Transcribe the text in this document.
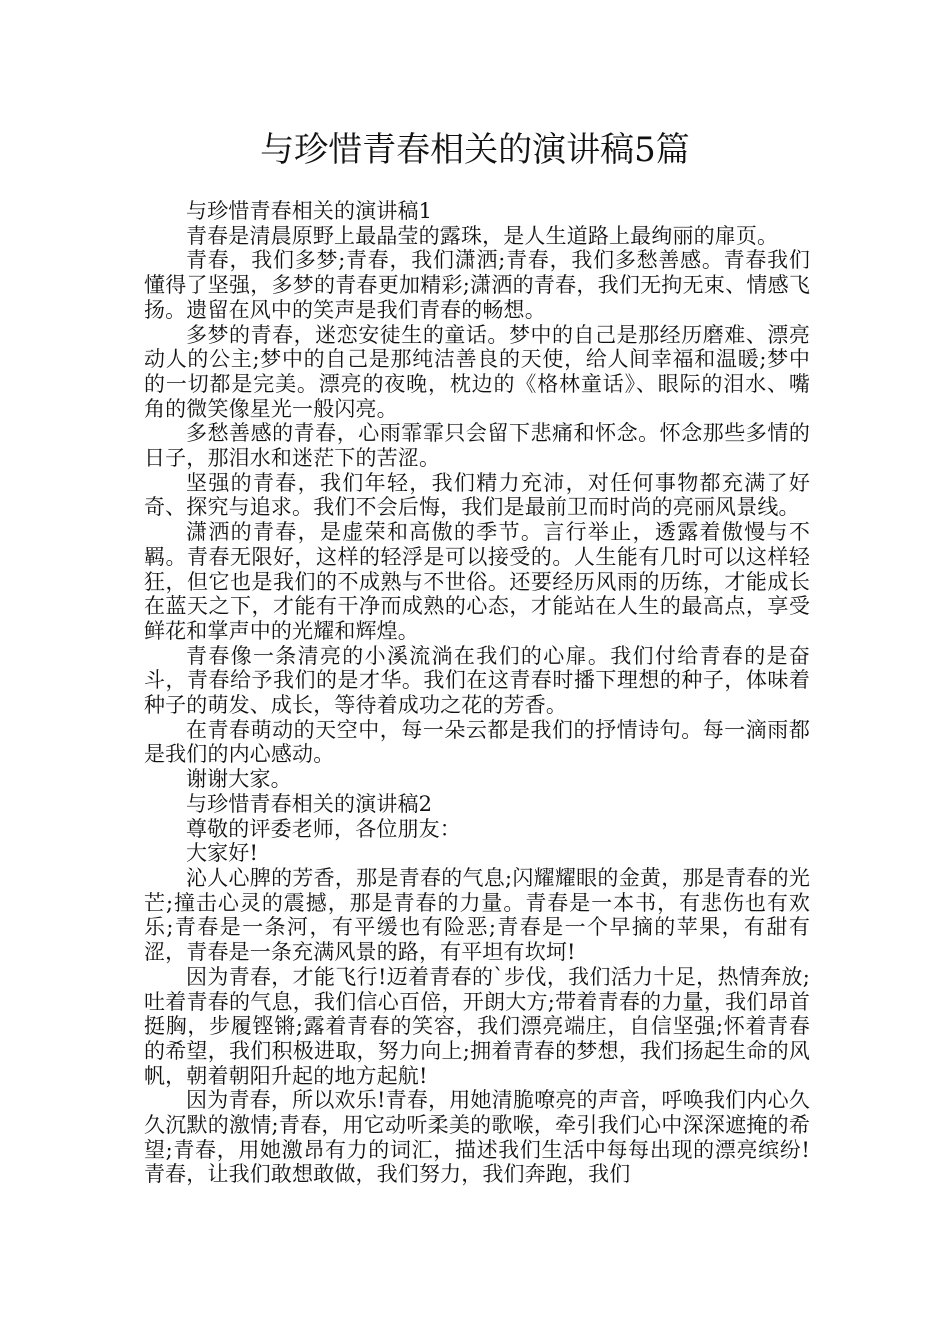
与珍惜青春相关的演讲稿5篇

与珍惜青春相关的演讲稿1

青春是清晨原野上最晶莹的露珠，是人生道路上最绚丽的扉页。

青春，我们多梦;青春，我们潇洒;青春，我们多愁善感。青春我们懂得了坚强，多梦的青春更加精彩;潇洒的青春，我们无拘无束、情感飞扬。遗留在风中的笑声是我们青春的畅想。

多梦的青春，迷恋安徒生的童话。梦中的自己是那经历磨难、漂亮动人的公主;梦中的自己是那纯洁善良的天使，给人间幸福和温暖;梦中的一切都是完美。漂亮的夜晚，枕边的《格林童话》、眼际的泪水、嘴角的微笑像星光一般闪亮。

多愁善感的青春，心雨霏霏只会留下悲痛和怀念。怀念那些多情的日子，那泪水和迷茫下的苦涩。

坚强的青春，我们年轻，我们精力充沛，对任何事物都充满了好奇、探究与追求。我们不会后悔，我们是最前卫而时尚的亮丽风景线。

潇洒的青春，是虚荣和高傲的季节。言行举止，透露着傲慢与不羁。青春无限好，这样的轻浮是可以接受的。人生能有几时可以这样轻狂，但它也是我们的不成熟与不世俗。还要经历风雨的历练，才能成长在蓝天之下，才能有干净而成熟的心态，才能站在人生的最高点，享受鲜花和掌声中的光耀和辉煌。

青春像一条清亮的小溪流淌在我们的心扉。我们付给青春的是奋斗，青春给予我们的是才华。我们在这青春时播下理想的种子，体味着种子的萌发、成长，等待着成功之花的芳香。

在青春萌动的天空中，每一朵云都是我们的抒情诗句。每一滴雨都是我们的内心感动。

谢谢大家。

与珍惜青春相关的演讲稿2

尊敬的评委老师，各位朋友：

大家好!

沁人心脾的芳香，那是青春的气息;闪耀耀眼的金黄，那是青春的光芒;撞击心灵的震撼，那是青春的力量。青春是一本书，有悲伤也有欢乐;青春是一条河，有平缓也有险恶;青春是一个早摘的苹果，有甜有涩，青春是一条充满风景的路，有平坦有坎坷!

因为青春，才能飞行!迈着青春的`步伐，我们活力十足，热情奔放;吐着青春的气息，我们信心百倍，开朗大方;带着青春的力量，我们昂首挺胸，步履铿锵;露着青春的笑容，我们漂亮端庄，自信坚强;怀着青春的希望，我们积极进取，努力向上;拥着青春的梦想，我们扬起生命的风帆，朝着朝阳升起的地方起航!

因为青春，所以欢乐!青春，用她清脆嘹亮的声音，呼唤我们内心久久沉默的激情;青春，用它动听柔美的歌喉，牵引我们心中深深遮掩的希望;青春，用她激昂有力的词汇，描述我们生活中每每出现的漂亮缤纷!青春，让我们敢想敢做，我们努力，我们奔跑，我们
